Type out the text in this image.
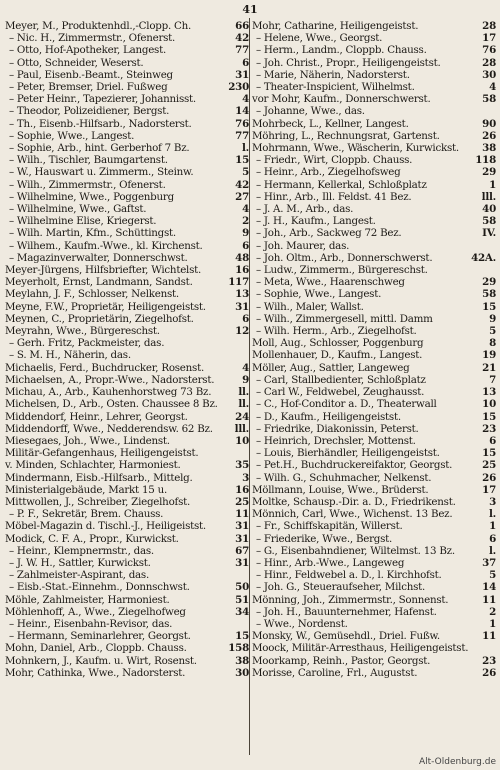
41
Meyer, M., Produktenhdl.,-Clopp. Ch.	66
– Nic. H., Zimmermstr., Ofenerst.	42
– Otto, Hof-Apotheker, Langest.	77
– Otto, Schneider, Weserst.	6
– Paul, Eisenb.-Beamt., Steinweg	31
– Peter, Bremser, Driel. Fußweg	230
– Peter Heinr., Tapezierer, Johannisst.	4
– Theodor, Polizeidiener, Bergst.	14
– Th., Eisenb.-Hilfsarb., Nadorsterst.	76
– Sophie, Wwe., Langest.	77
– Sophie, Arb., hint. Gerberhof 7 Bz.	l.
– Wilh., Tischler, Baumgartenst.	15
– W., Hauswart u. Zimmerm., Steinw.	5
– Wilh., Zimmermstr., Ofenerst.	42
– Wilhelmine, Wwe., Poggenburg	27
– Wilhelmine, Wwe., Gaftst.	4
– Wilhelmine Elise, Kriegerst.	2
– Wilh. Martin, Kfm., Schüttingst.	9
– Wilhem., Kaufm.-Wwe., kl. Kirchenst.	6
– Magazinverwalter, Donnerschwst.	48
Meyer-Jürgens, Hilfsbriefter, Wichtelst.	16
Meyerholt, Ernst, Landmann, Sandst.	117
Meylahn, J. F., Schlosser, Nelkenst.	13
Meyne, F.W., Proprietär, Heiligengeistst.	31
Meynen, C., Proprietärin, Ziegelhofst.	6
Meyrahn, Wwe., Bürgereschst.	12
– Gerh. Fritz, Packmeister, das.
– S. M. H., Näherin, das.
Michaelis, Ferd., Buchdrucker, Rosenst.	4
Michaelsen, A., Propr.-Wwe., Nadorsterst.	9
Michau, A., Arb., Kauhenhorstweg 73 Bz.	ll.
Michelsen, D., Arb., Osten. Chaussee 8 Bz.	ll.
Middendorf, Heinr., Lehrer, Georgst.	24
Middendorff, Wwe., Nedderendsw. 62 Bz.	lll.
Miesegaes, Joh., Wwe., Lindenst.	10
Militär-Gefangenhaus, Heiligengeistst.
v. Minden, Schlachter, Harmoniest.	35
Mindermann, Eisb.-Hilfsarb., Mittelg.	3
Ministerialgebäude, Markt 15 u.	16
Mittwollen, J., Schreiber, Ziegelhofst.	25
– P. F., Sekretär, Brem. Chauss.	11
Möbel-Magazin d. Tischl.-J., Heiligeistst.	31
Modick, C. F. A., Propr., Kurwickst.	31
– Heinr., Klempnermstr., das.	67
– J. W. H., Sattler, Kurwickst.	31
– Zahlmeister-Aspirant, das.
– Eisb.-Stat.-Einnehm., Donnschwst.	50
Möhle, Zahlmeister, Harmoniest.	51
Möhlenhoff, A., Wwe., Ziegelhofweg	34
– Heinr., Eisenbahn-Revisor, das.
– Hermann, Seminarlehrer, Georgst.	15
Mohn, Daniel, Arb., Cloppb. Chauss.	158
Mohnkern, J., Kaufm. u. Wirt, Rosenst.	38
Mohr, Cathinka, Wwe., Nadorsterst.	30
Mohr, Catharine, Heiligengeistst.	28
– Helene, Wwe., Georgst.	17
– Herm., Landm., Cloppb. Chauss.	76
– Joh. Christ., Propr., Heiligengeistst.	28
– Marie, Näherin, Nadorsterst.	30
– Theater-Inspicient, Wilhelmst.	4
vor Mohr, Kaufm., Donnerschwerst.	58
– Johanne, Wwe., das.
Mohrbeck, L., Kellner, Langest.	90
Möhring, L., Rechnungsrat, Gartenst.	26
Mohrmann, Wwe., Wäscherin, Kurwickst.	38
– Friedr., Wirt, Cloppb. Chauss.	118
– Heinr., Arb., Ziegelhofsweg	29
– Hermann, Kellerkal, Schloßplatz	1
– Hinr., Arb., Ill. Feldst. 41 Bez.	lll.
– J. A. M., Arb., das.	40
– J. H., Kaufm., Langest.	58
– Joh., Arb., Sackweg 72 Bez.	IV.
– Joh. Maurer, das.
– Joh. Oltm., Arb., Donnerschwerst.	42A.
– Ludw., Zimmerm., Bürgereschst.
– Meta, Wwe., Haarenschweg	29
– Sophie, Wwe., Langest.	58
– Wilh., Maler, Wallst.	15
– Wilh., Zimmergesell, mittl. Damm	9
– Wilh. Herm., Arb., Ziegelhofst.	5
Moll, Aug., Schlosser, Poggenburg	8
Mollenhauer, D., Kaufm., Langest.	19
Möller, Aug., Sattler, Langeweg	21
– Carl, Stallbedienter, Schloßplatz	7
– Carl W., Feldwebel, Zeughausst.	13
– C., Hof-Conditor a. D., Theaterwall	10
– D., Kaufm., Heiligengeistst.	15
– Friedrike, Diakonissin, Peterst.	23
– Heinrich, Drechsler, Mottenst.	6
– Louis, Bierhändler, Heiligengeistst.	15
– Pet.H., Buchdruckereifaktor, Georgst.	25
– Wilh. G., Schuhmacher, Nelkenst.	26
Möllmann, Louise, Wwe., Brüderst.	17
Moltke, Schausp.-Dir. a. D., Friedrikenst.	3
Mönnich, Carl, Wwe., Wichenst. 13 Bez.	l.
– Fr., Schiffskapitän, Willerst.	1
– Friederike, Wwe., Bergst.	6
– G., Eisenbahndiener, Wiltelmst. 13 Bz.	l.
– Hinr., Arb.-Wwe., Langeweg	37
– Hinr., Feldwebel a. D., l. Kirchhofst.	5
– Joh. G., Steueraufseher, Milchst.	14
Mönning, Joh., Zimmermstr., Sonnenst.	11
– Joh. H., Bauunternehmer, Hafenst.	2
– Wwe., Nordenst.	1
Monsky, W., Gemüsehdl., Driel. Fußw.	11
Moock, Militär-Arresthaus, Heiligengeistst.
Moorkamp, Reinh., Pastor, Georgst.	23
Morisse, Caroline, Frl., Augustst.	26
Alt-Oldenburg.de
